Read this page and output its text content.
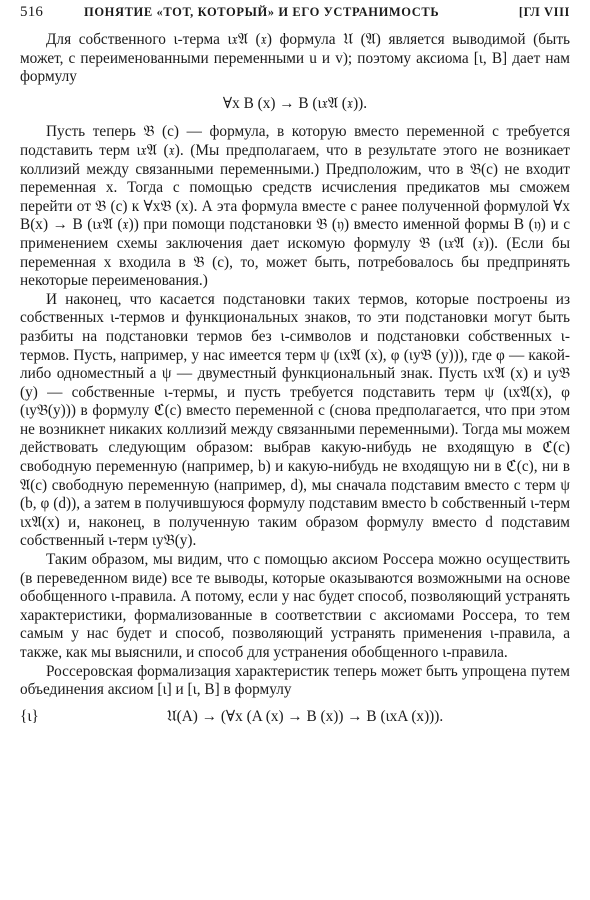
516	ПОНЯТИЕ «ТОТ, КОТОРЫЙ» И ЕГО УСТРАНИМОСТЬ	[ГЛ VIII

Для собственного ι-терма ι𝔵𝔄 (𝔵) формула 𝔘 (𝔄) является выводимой (быть может, с переименованными переменными u и v); поэтому аксиома [ι, B] дает нам формулу

∀x B (x) → B (ι𝔵𝔄 (𝔵)).

Пусть теперь 𝔅 (c) — формула, в которую вместо переменной c требуется подставить терм ι𝔵𝔄 (𝔵). (Мы предполагаем, что в результате этого не возникает коллизий между связанными переменными.) Предположим, что в 𝔅(c) не входит переменная x. Тогда с помощью средств исчисления предикатов мы сможем перейти от 𝔅 (c) к ∀x𝔅 (x). А эта формула вместе с ранее полученной формулой ∀x B(x) → B (ι𝔵𝔄 (𝔵)) при помощи подстановки 𝔅 (𝔶) вместо именной формы B (𝔶) и с применением схемы заключения дает искомую формулу 𝔅 (ι𝔵𝔄 (𝔵)). (Если бы переменная x входила в 𝔅 (c), то, может быть, потребовалось бы предпринять некоторые переименования.)

И наконец, что касается подстановки таких термов, которые построены из собственных ι-термов и функциональных знаков, то эти подстановки могут быть разбиты на подстановки термов без ι-символов и подстановки собственных ι-термов. Пусть, например, у нас имеется терм ψ (ιx𝔄 (x), φ (ιy𝔅 (y))), где φ — какой-либо одноместный а ψ — двуместный функциональный знак. Пусть ιx𝔄 (x) и ιy𝔅 (y) — собственные ι-термы, и пусть требуется подставить терм ψ (ιx𝔄(x), φ (ιy𝔅(y))) в формулу ℭ(c) вместо переменной c (снова предполагается, что при этом не возникнет никаких коллизий между связанными переменными). Тогда мы можем действовать следующим образом: выбрав какую-нибудь не входящую в ℭ(c) свободную переменную (например, b) и какую-нибудь не входящую ни в ℭ(c), ни в 𝔄(c) свободную переменную (например, d), мы сначала подставим вместо c терм ψ (b, φ (d)), а затем в получившуюся формулу подставим вместо b собственный ι-терм ιx𝔄(x) и, наконец, в полученную таким образом формулу вместо d подставим собственный ι-терм ιy𝔅(y).

Таким образом, мы видим, что с помощью аксиом Россера можно осуществить (в переведенном виде) все те выводы, которые оказываются возможными на основе обобщенного ι-правила. А потому, если у нас будет способ, позволяющий устранять характеристики, формализованные в соответствии с аксиомами Россера, то тем самым у нас будет и способ, позволяющий устранять применения ι-правила, а также, как мы выяснили, и способ для устранения обобщенного ι-правила.

Россеровская формализация характеристик теперь может быть упрощена путем объединения аксиом [ι] и [ι, B] в формулу

{ι}	𝔘(A) → (∀x (A (x) → B (x)) → B (ιxA (x))).
